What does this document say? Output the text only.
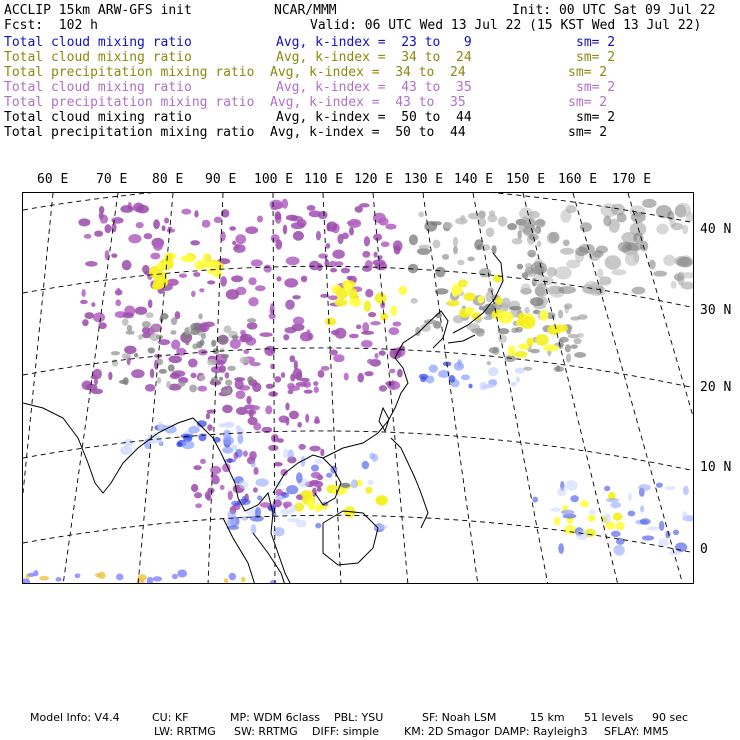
ACCLIP 15km ARW-GFS init	NCAR/MMM	Init: 00 UTC Sat 09 Jul 22
Fcst:  102 h	Valid: 06 UTC Wed 13 Jul 22 (15 KST Wed 13 Jul 22)
Total cloud mixing ratio	Avg, k-index =  23 to   9	sm= 2
Total cloud mixing ratio	Avg, k-index =  34 to  24	sm= 2
Total precipitation mixing ratio Avg, k-index =  34 to  24	sm= 2
Total cloud mixing ratio	Avg, k-index =  43 to  35	sm= 2
Total precipitation mixing ratio Avg, k-index =  43 to  35	sm= 2
Total cloud mixing ratio	Avg, k-index =  50 to  44	sm= 2
Total precipitation mixing ratio Avg, k-index =  50 to  44	sm= 2
60 E 70 E 80 E 90 E 100 E 110 E 120 E 130 E 140 E 150 E 160 E 170 E
40 N
30 N
20 N
10 N
0
Model Info: V4.4	CU: KF	MP: WDM 6class PBL: YSU	SF: Noah LSM	15 km 51 levels 90 sec
LW: RRTMG SW: RRTMG DIFF: simple KM: 2D Smagor DAMP: Rayleigh3 SFLAY: MM5
